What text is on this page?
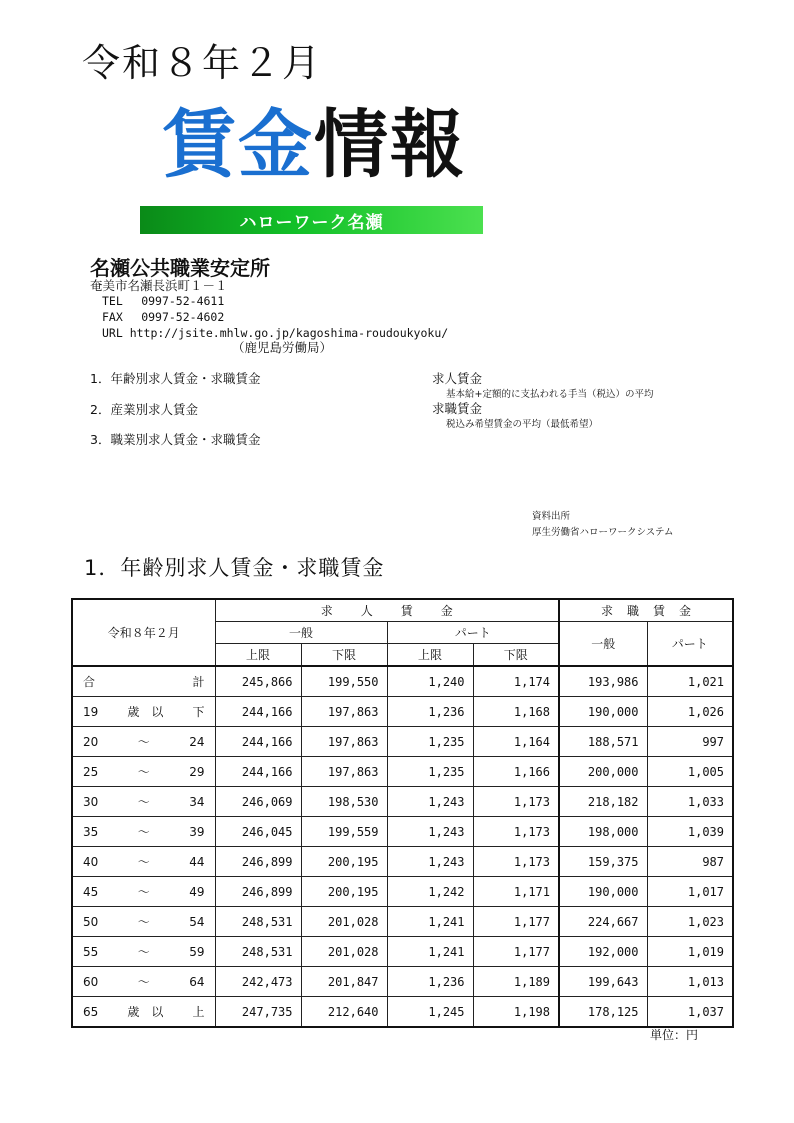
令和８年２月
賃金情報
ハローワーク名瀬
名瀬公共職業安定所
奄美市名瀬長浜町１－１
TEL　 0997-52-4611
FAX　 0997-52-4602
URL http://jsite.mhlw.go.jp/kagoshima-roudoukyoku/
（鹿児島労働局）
1．年齢別求人賃金・求職賃金
2．産業別求人賃金
3．職業別求人賃金・求職賃金
求人賃金
基本給+定額的に支払われる手当（税込）の平均
求職賃金
税込み希望賃金の平均（最低希望）
資料出所
厚生労働省ハローワークシステム
1．年齢別求人賃金・求職賃金
令和８年２月	求人賃金				求職賃金	
	一般		パート		一般	パート
	上限	下限	上限	下限		

合 計	245,866	199,550	1,240	1,174	193,986	1,021

19 歳　以 下	244,166	197,863	1,236	1,168	190,000	1,026

20 ～ 24	244,166	197,863	1,235	1,164	188,571	997

25 ～ 29	244,166	197,863	1,235	1,166	200,000	1,005

30 ～ 34	246,069	198,530	1,243	1,173	218,182	1,033

35 ～ 39	246,045	199,559	1,243	1,173	198,000	1,039

40 ～ 44	246,899	200,195	1,243	1,173	159,375	987

45 ～ 49	246,899	200,195	1,242	1,171	190,000	1,017

50 ～ 54	248,531	201,028	1,241	1,177	224,667	1,023

55 ～ 59	248,531	201,028	1,241	1,177	192,000	1,019

60 ～ 64	242,473	201,847	1,236	1,189	199,643	1,013

65 歳　以 上	247,735	212,640	1,245	1,198	178,125	1,037
単位：円
